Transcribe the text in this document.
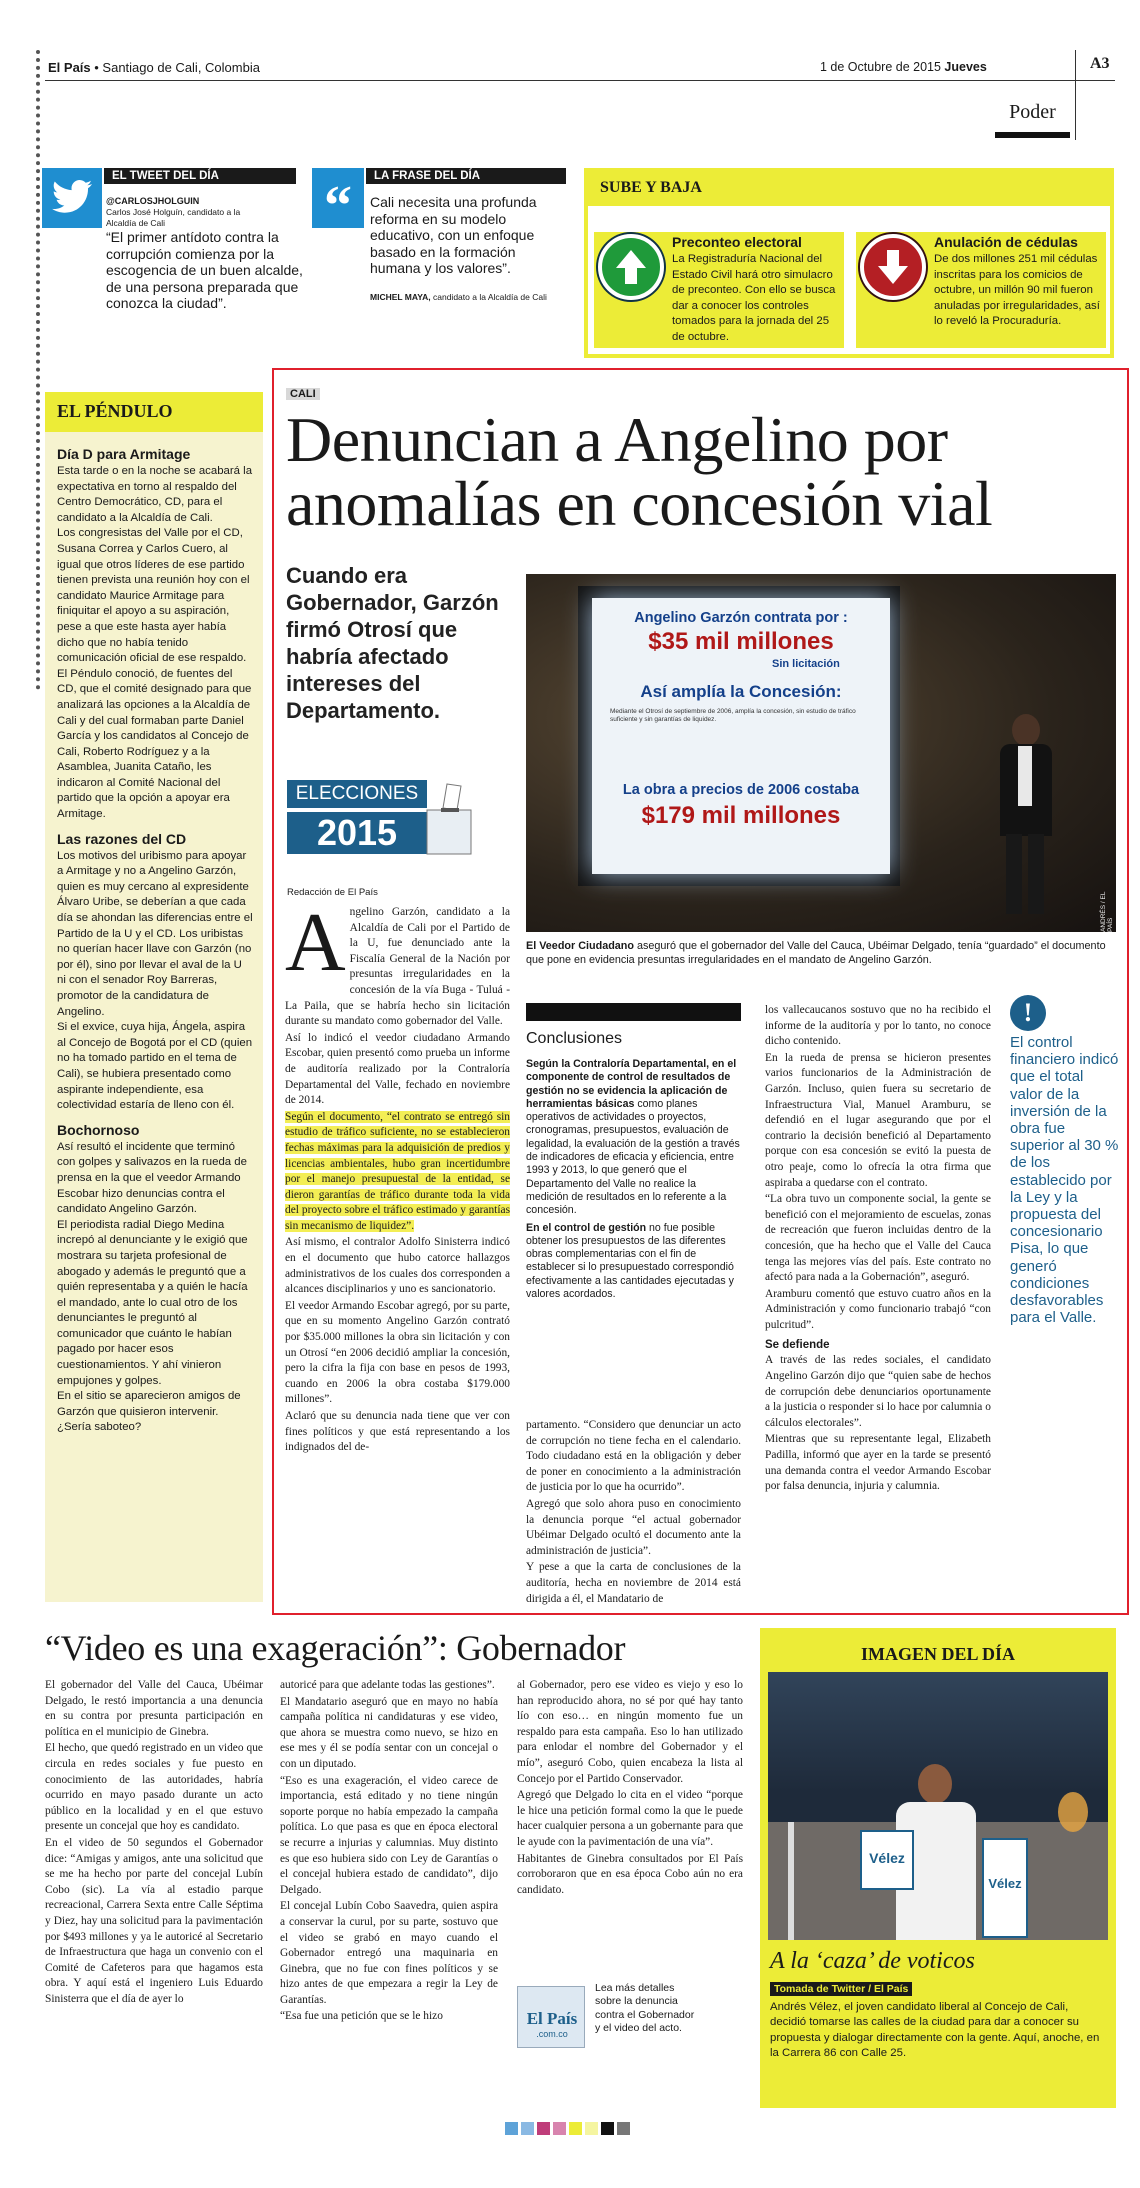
El País • Santiago de Cali, Colombia	1 de Octubre de 2015 Jueves	A3
Poder
EL TWEET DEL DÍA
@CARLOSJHOLGUIN
Carlos José Holguín, candidato a la Alcaldía de Cali
“El primer antídoto contra la corrupción comienza por la escogencia de un buen alcalde, de una persona preparada que conozca la ciudad”.
“	LA FRASE DEL DÍA
Cali necesita una profunda reforma en su modelo educativo, con un enfoque basado en la formación humana y los valores”.
MICHEL MAYA, candidato a la Alcaldía de Cali
SUBE Y BAJA
Preconteo electoral
La Registraduría Nacional del Estado Civil hará otro simulacro de preconteo. Con ello se busca dar a conocer los controles tomados para la jornada del 25 de octubre.
Anulación de cédulas
De dos millones 251 mil cédulas inscritas para los comicios de octubre, un millón 90 mil fueron anuladas por irregularidades, así lo reveló la Procuraduría.
EL PÉNDULO
Día D para Armitage
Esta tarde o en la noche se acabará la expectativa en torno al respaldo del Centro Democrático, CD, para el candidato a la Alcaldía de Cali.
Los congresistas del Valle por el CD, Susana Correa y Carlos Cuero, al igual que otros líderes de ese partido tienen prevista una reunión hoy con el candidato Maurice Armitage para finiquitar el apoyo a su aspiración, pese a que este hasta ayer había dicho que no había tenido comunicación oficial de ese respaldo.
El Péndulo conoció, de fuentes del CD, que el comité designado para que analizará las opciones a la Alcaldía de Cali y del cual formaban parte Daniel García y los candidatos al Concejo de Cali, Roberto Rodríguez y a la Asamblea, Juanita Cataño, les indicaron al Comité Nacional del partido que la opción a apoyar era Armitage.
Las razones del CD
Los motivos del uribismo para apoyar a Armitage y no a Angelino Garzón, quien es muy cercano al expresidente Álvaro Uribe, se deberían a que cada día se ahondan las diferencias entre el Partido de la U y el CD. Los uribistas no querían hacer llave con Garzón (no por él), sino por llevar el aval de la U ni con el senador Roy Barreras, promotor de la candidatura de Angelino.
Si el exvice, cuya hija, Ángela, aspira al Concejo de Bogotá por el CD (quien no ha tomado partido en el tema de Cali), se hubiera presentado como aspirante independiente, esa colectividad estaría de lleno con él.
Bochornoso
Así resultó el incidente que terminó con golpes y salivazos en la rueda de prensa en la que el veedor Armando Escobar hizo denuncias contra el candidato Angelino Garzón.
El periodista radial Diego Medina increpó al denunciante y le exigió que mostrara su tarjeta profesional de abogado y además le preguntó que a quién representaba y a quién le hacía el mandado, ante lo cual otro de los denunciantes le preguntó al comunicador que cuánto le habían pagado por hacer esos cuestionamientos. Y ahí vinieron empujones y golpes.
En el sitio se aparecieron amigos de Garzón que quisieron intervenir. ¿Sería saboteo?
CALI
Denuncian a Angelino por anomalías en concesión vial
Cuando era Gobernador, Garzón firmó Otrosí que habría afectado intereses del Departamento.
ELECCIONES
2015
Redacción de El País
Angelino Garzón contrata por :
$35 mil millones
Sin licitación
Así amplía la Concesión:
Mediante el Otrosí de septiembre de 2006, amplía la concesión, sin estudio de tráfico suficiente y sin garantías de liquidez.
La obra a precios de 2006 costaba
$179 mil millones
ANDRÉS / EL PAÍS
El Veedor Ciudadano aseguró que el gobernador del Valle del Cauca, Ubéimar Delgado, tenía “guardado” el documento que pone en evidencia presuntas irregularidades en el mandato de Angelino Garzón.
A ngelino Garzón, candidato a la Alcaldía de Cali por el Partido de la U, fue denunciado ante la Fiscalía General de la Nación por presuntas irregularidades en la concesión de la vía Buga - Tuluá - La Paila, que se habría hecho sin licitación durante su mandato como gobernador del Valle.
Así lo indicó el veedor ciudadano Armando Escobar, quien presentó como prueba un informe de auditoría realizado por la Contraloría Departamental del Valle, fechado en noviembre de 2014.
Según el documento, “el contrato se entregó sin estudio de tráfico suficiente, no se establecieron fechas máximas para la adquisición de predios y licencias ambientales, hubo gran incertidumbre por el manejo presupuestal de la entidad, se dieron garantías de tráfico durante toda la vida del proyecto sobre el tráfico estimado y garantías sin mecanismo de liquidez”.
Así mismo, el contralor Adolfo Sinisterra indicó en el documento que hubo catorce hallazgos administrativos de los cuales dos corresponden a alcances disciplinarios y uno es sancionatorio.
El veedor Armando Escobar agregó, por su parte, que en su momento Angelino Garzón contrató por $35.000 millones la obra sin licitación y con un Otrosí “en 2006 decidió ampliar la concesión, pero la cifra la fija con base en pesos de 1993, cuando en 2006 la obra costaba $179.000 millones”.
Aclaró que su denuncia nada tiene que ver con fines políticos y que está representando a los indignados del de-
Conclusiones
Según la Contraloría Departamental, en el componente de control de resultados de gestión no se evidencia la aplicación de herramientas básicas como planes operativos de actividades o proyectos, cronogramas, presupuestos, evaluación de legalidad, la evaluación de la gestión a través de indicadores de eficacia y eficiencia, entre 1993 y 2013, lo que generó que el Departamento del Valle no realice la medición de resultados en lo referente a la concesión.
En el control de gestión no fue posible obtener los presupuestos de las diferentes obras complementarias con el fin de establecer si lo presupuestado correspondió efectivamente a las cantidades ejecutadas y valores acordados.
partamento. “Considero que denunciar un acto de corrupción no tiene fecha en el calendario. Todo ciudadano está en la obligación y deber de poner en conocimiento a la administración de justicia por lo que ha ocurrido”.
Agregó que solo ahora puso en conocimiento la denuncia porque “el actual gobernador Ubéimar Delgado ocultó el documento ante la administración de justicia”.
Y pese a que la carta de conclusiones de la auditoría, hecha en noviembre de 2014 está dirigida a él, el Mandatario de
los vallecaucanos sostuvo que no ha recibido el informe de la auditoría y por lo tanto, no conoce dicho contenido.
En la rueda de prensa se hicieron presentes varios funcionarios de la Administración de Garzón. Incluso, quien fuera su secretario de Infraestructura Vial, Manuel Aramburu, se defendió en el lugar asegurando que por el contrario la decisión benefició al Departamento porque con esa concesión se evitó la puesta de otro peaje, como lo ofrecía la otra firma que aspiraba a quedarse con el contrato.
“La obra tuvo un componente social, la gente se benefició con el mejoramiento de escuelas, zonas de recreación que fueron incluidas dentro de la concesión, que ha hecho que el Valle del Cauca tenga las mejores vías del país. Este contrato no afectó para nada a la Gobernación”, aseguró.
Aramburu comentó que estuvo cuatro años en la Administración y como funcionario trabajó “con pulcritud”.
Se defiende
A través de las redes sociales, el candidato Angelino Garzón dijo que “quien sabe de hechos de corrupción debe denunciarios oportunamente a la justicia o responder si lo hace por calumnia o cálculos electorales”.
Mientras que su representante legal, Elizabeth Padilla, informó que ayer en la tarde se presentó una demanda contra el veedor Armando Escobar por falsa denuncia, injuria y calumnia.
!
El control financiero indicó que el total valor de la inversión de la obra fue superior al 30 % de los establecido por la Ley y la propuesta del concesionario Pisa, lo que generó condiciones desfavorables para el Valle.
“Video es una exageración”: Gobernador
El gobernador del Valle del Cauca, Ubéimar Delgado, le restó importancia a una denuncia en su contra por presunta participación en política en el municipio de Ginebra.
El hecho, que quedó registrado en un video que circula en redes sociales y fue puesto en conocimiento de las autoridades, habría ocurrido en mayo pasado durante un acto público en la localidad y en el que estuvo presente un concejal que hoy es candidato.
En el video de 50 segundos el Gobernador dice: “Amigas y amigos, ante una solicitud que se me ha hecho por parte del concejal Lubín Cobo (sic). La vía al estadio parque recreacional, Carrera Sexta entre Calle Séptima y Diez, hay una solicitud para la pavimentación por $493 millones y ya le autoricé al Secretario de Infraestructura que haga un convenio con el Comité de Cafeteros para que hagamos esta obra. Y aquí está el ingeniero Luis Eduardo Sinisterra que el día de ayer lo
autoricé para que adelante todas las gestiones”.
El Mandatario aseguró que en mayo no había campaña política ni candidaturas y ese video, que ahora se muestra como nuevo, se hizo en ese mes y él se podía sentar con un concejal o con un diputado.
“Eso es una exageración, el video carece de importancia, está editado y no tiene ningún soporte porque no había empezado la campaña política. Lo que pasa es que en época electoral se recurre a injurias y calumnias. Muy distinto es que eso hubiera sido con Ley de Garantías o el concejal hubiera estado de candidato”, dijo Delgado.
El concejal Lubín Cobo Saavedra, quien aspira a conservar la curul, por su parte, sostuvo que el video se grabó en mayo cuando el Gobernador entregó una maquinaria en Ginebra, que no fue con fines políticos y se hizo antes de que empezara a regir la Ley de Garantías.
“Esa fue una petición que se le hizo
al Gobernador, pero ese video es viejo y eso lo han reproducido ahora, no sé por qué hay tanto lío con eso… en ningún momento fue un respaldo para esta campaña. Eso lo han utilizado para enlodar el nombre del Gobernador y el mío”, aseguró Cobo, quien encabeza la lista al Concejo por el Partido Conservador.
Agregó que Delgado lo cita en el video “porque le hice una petición formal como la que le puede hacer cualquier persona a un gobernante para que le ayude con la pavimentación de una vía”.
Habitantes de Ginebra consultados por El País corroboraron que en esa época Cobo aún no era candidato.
El País
.com.co
Lea más detalles sobre la denuncia contra el Gobernador y el video del acto.
IMAGEN DEL DÍA
Vélez
Vélez
A la ‘caza’ de voticos
Tomada de Twitter / El País
Andrés Vélez, el joven candidato liberal al Concejo de Cali, decidió tomarse las calles de la ciudad para dar a conocer su propuesta y dialogar directamente con la gente. Aquí, anoche, en la Carrera 86 con Calle 25.
